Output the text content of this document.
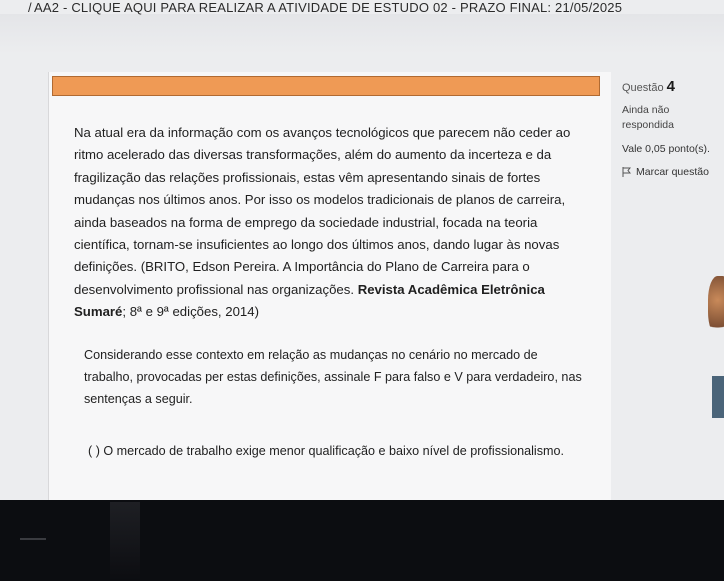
/ AA2 - CLIQUE AQUI PARA REALIZAR A ATIVIDADE DE ESTUDO 02 - PRAZO FINAL: 21/05/2025
Na atual era da informação com os avanços tecnológicos que parecem não ceder ao ritmo acelerado das diversas transformações, além do aumento da incerteza e da fragilização das relações profissionais, estas vêm apresentando sinais de fortes mudanças nos últimos anos. Por isso os modelos tradicionais de planos de carreira, ainda baseados na forma de emprego da sociedade industrial, focada na teoria científica, tornam-se insuficientes ao longo dos últimos anos, dando lugar às novas definições. (BRITO, Edson Pereira. A Importância do Plano de Carreira para o desenvolvimento profissional nas organizações. Revista Acadêmica Eletrônica Sumaré; 8ª e 9ª edições, 2014)
Considerando esse contexto em relação as mudanças no cenário no mercado de trabalho, provocadas per estas definições, assinale F para falso e V para verdadeiro, nas sentenças a seguir.
( ) O mercado de trabalho exige menor qualificação e baixo nível de profissionalismo.
Questão 4
Ainda não
respondida
Vale 0,05 ponto(s).
Marcar questão
